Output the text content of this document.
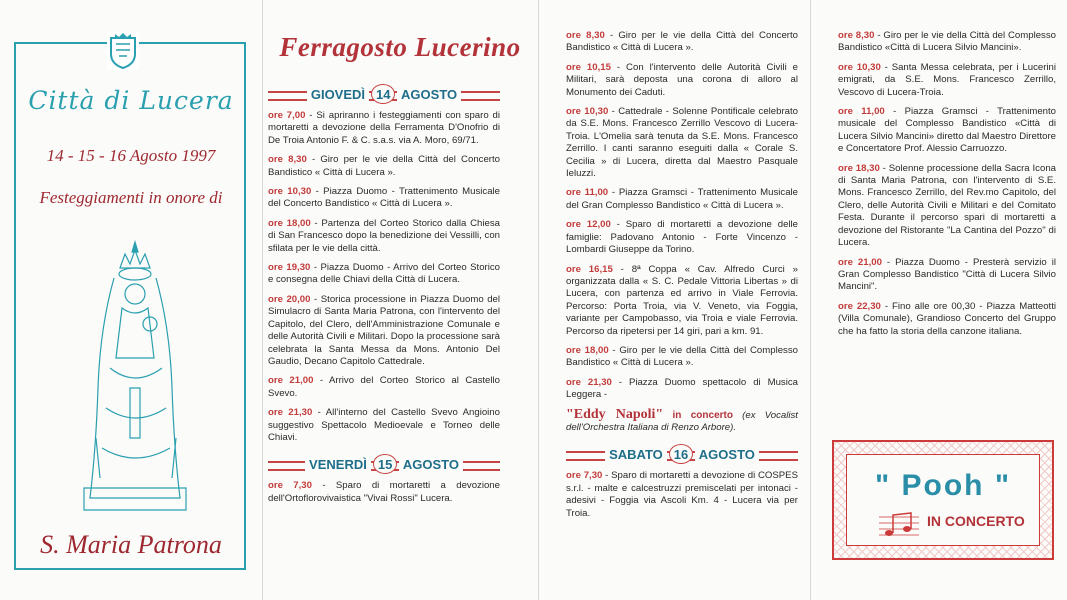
Città di Lucera
14 - 15 - 16 Agosto 1997
Festeggiamenti in onore di
S. Maria Patrona
Ferragosto Lucerino
GIOVEDÌ 14 AGOSTO
ore 7,00 - Si apriranno i festeggiamenti con sparo di mortaretti a devozione della Ferramenta D'Onofrio di De Troia Antonio F. & C. s.a.s. via A. Moro, 69/71.
ore 8,30 - Giro per le vie della Città del Concerto Bandistico « Città di Lucera ».
ore 10,30 - Piazza Duomo - Trattenimento Musicale del Concerto Bandistico « Città di Lucera ».
ore 18,00 - Partenza del Corteo Storico dalla Chiesa di San Francesco dopo la benedizione dei Vessilli, con sfilata per le vie della città.
ore 19,30 - Piazza Duomo - Arrivo del Corteo Storico e consegna delle Chiavi della Città di Lucera.
ore 20,00 - Storica processione in Piazza Duomo del Simulacro di Santa Maria Patrona, con l'intervento del Capitolo, del Clero, dell'Amministrazione Comunale e delle Autorità Civili e Militari. Dopo la processione sarà celebrata la Santa Messa da Mons. Antonio Del Gaudio, Decano Capitolo Cattedrale.
ore 21,00 - Arrivo del Corteo Storico al Castello Svevo.
ore 21,30 - All'interno del Castello Svevo Angioino suggestivo Spettacolo Medioevale e Torneo delle Chiavi.
VENERDÌ 15 AGOSTO
ore 7,30 - Sparo di mortaretti a devozione dell'Ortoflorovivaistica "Vivai Rossi" Lucera.
ore 8,30 - Giro per le vie della Città del Concerto Bandistico « Città di Lucera ».
ore 10,15 - Con l'intervento delle Autorità Civili e Militari, sarà deposta una corona di alloro al Monumento dei Caduti.
ore 10,30 - Cattedrale - Solenne Pontificale celebrato da S.E. Mons. Francesco Zerrillo Vescovo di Lucera-Troia. L'Omelia sarà tenuta da S.E. Mons. Francesco Zerrillo. I canti saranno eseguiti dalla « Corale S. Cecilia » di Lucera, diretta dal Maestro Pasquale Ieluzzi.
ore 11,00 - Piazza Gramsci - Trattenimento Musicale del Gran Complesso Bandistico « Città di Lucera ».
ore 12,00 - Sparo di mortaretti a devozione delle famiglie: Padovano Antonio - Forte Vincenzo - Lombardi Giuseppe da Torino.
ore 16,15 - 8ª Coppa « Cav. Alfredo Curci » organizzata dalla « S. C. Pedale Vittoria Libertas » di Lucera, con partenza ed arrivo in Viale Ferrovia. Percorso: Porta Troia, via V. Veneto, via Foggia, variante per Campobasso, via Troia e viale Ferrovia. Percorso da ripetersi per 14 giri, pari a km. 91.
ore 18,00 - Giro per le vie della Città del Complesso Bandistico « Città di Lucera ».
ore 21,30 - Piazza Duomo spettacolo di Musica Leggera -
"Eddy Napoli" in concerto (ex Vocalist dell'Orchestra Italiana di Renzo Arbore).
SABATO 16 AGOSTO
ore 7,30 - Sparo di mortaretti a devozione di COSPES s.r.l. - malte e calcestruzzi premiscelati per intonaci - adesivi - Foggia via Ascoli Km. 4 - Lucera via per Troia.
ore 8,30 - Giro per le vie della Città del Complesso Bandistico «Città di Lucera Silvio Mancini».
ore 10,30 - Santa Messa celebrata, per i Lucerini emigrati, da S.E. Mons. Francesco Zerrillo, Vescovo di Lucera-Troia.
ore 11,00 - Piazza Gramsci - Trattenimento musicale del Complesso Bandistico «Città di Lucera Silvio Mancini» diretto dal Maestro Direttore e Concertatore Prof. Alessio Carruozzo.
ore 18,30 - Solenne processione della Sacra Icona di Santa Maria Patrona, con l'intervento di S.E. Mons. Francesco Zerrillo, del Rev.mo Capitolo, del Clero, delle Autorità Civili e Militari e del Comitato Festa. Durante il percorso spari di mortaretti a devozione del Ristorante "La Cantina del Pozzo" di Lucera.
ore 21,00 - Piazza Duomo - Presterà servizio il Gran Complesso Bandistico "Città di Lucera Silvio Mancini".
ore 22,30 - Fino alle ore 00,30 - Piazza Matteotti (Villa Comunale), Grandioso Concerto del Gruppo che ha fatto la storia della canzone italiana.
" Pooh "
IN CONCERTO
